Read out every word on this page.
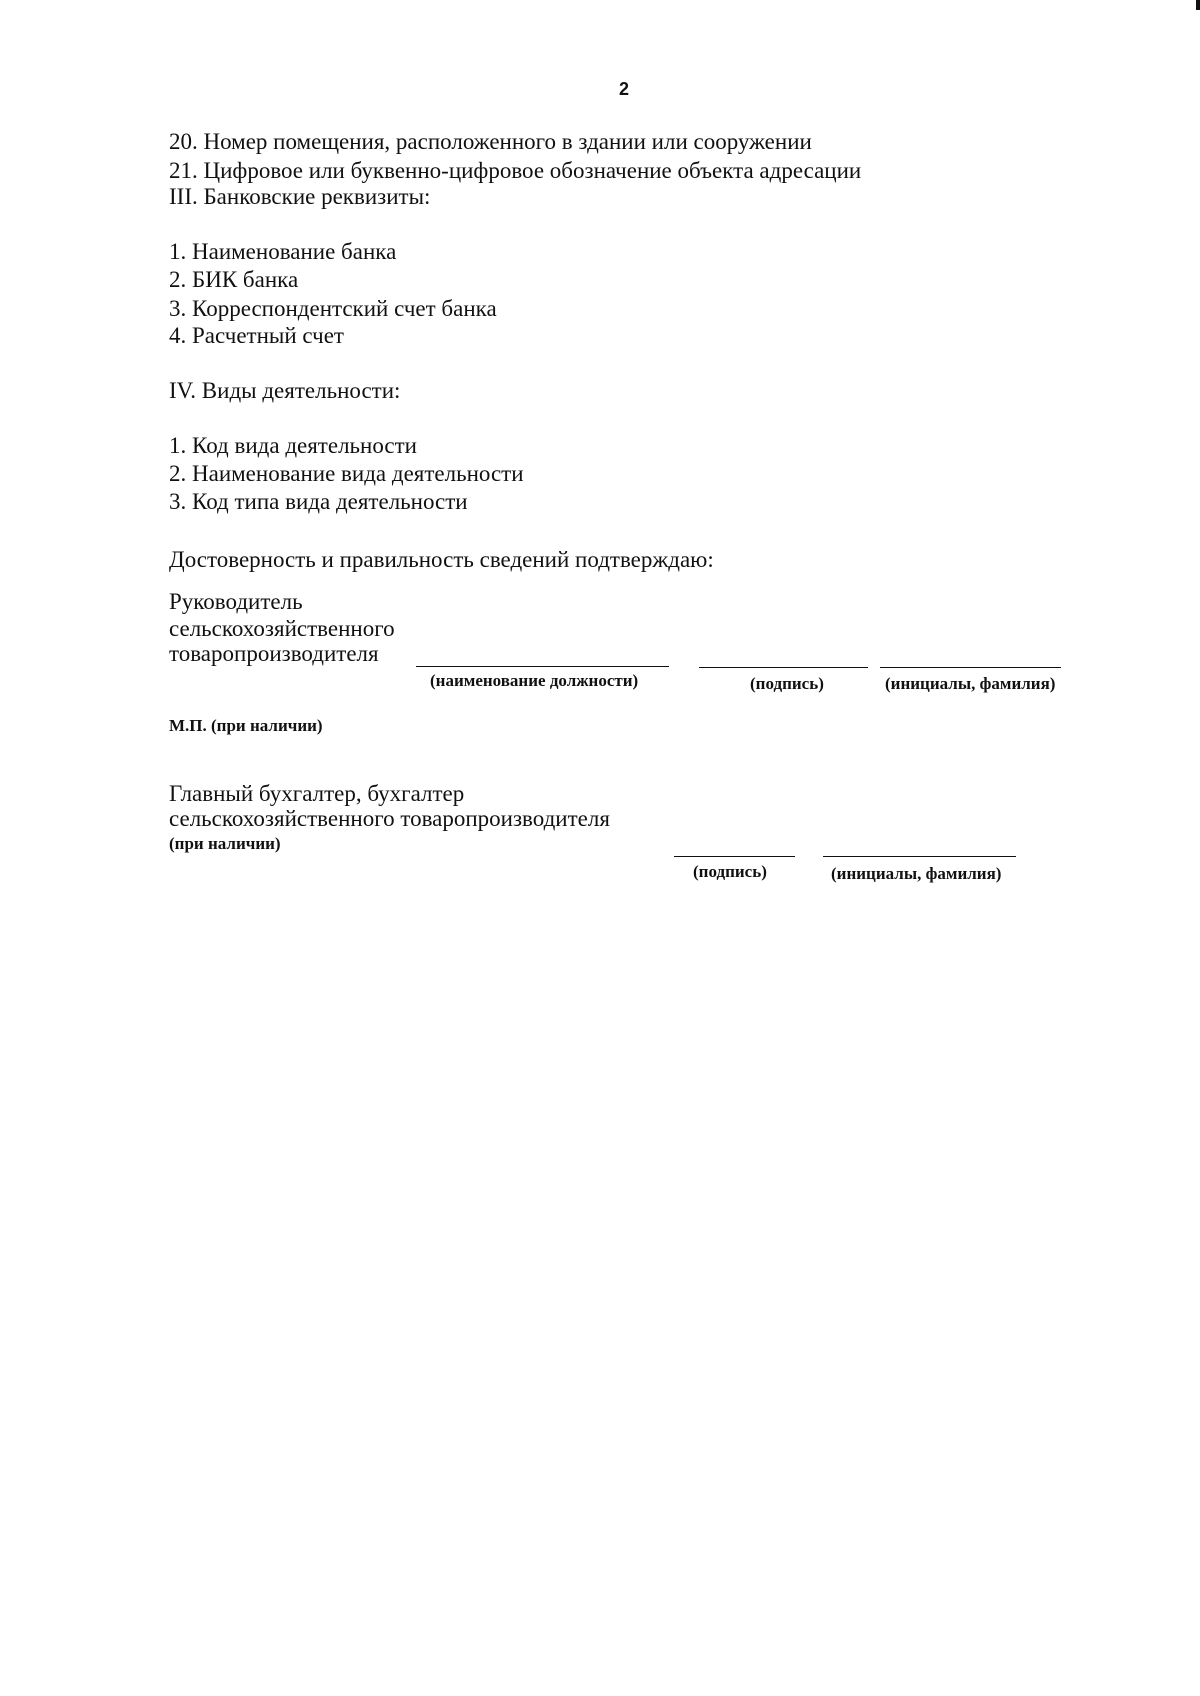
2
20. Номер помещения, расположенного в здании или сооружении
21. Цифровое или буквенно-цифровое обозначение объекта адресации
III. Банковские реквизиты:
1. Наименование банка
2. БИК банка
3. Корреспондентский счет банка
4. Расчетный счет
IV. Виды деятельности:
1. Код вида деятельности
2. Наименование вида деятельности
3. Код типа вида деятельности
Достоверность и правильность сведений подтверждаю:
Руководитель
сельскохозяйственного
товаропроизводителя
(наименование должности)	(подпись)	(инициалы, фамилия)
М.П. (при наличии)
Главный бухгалтер, бухгалтер
сельскохозяйственного товаропроизводителя
(при наличии)
(подпись)	(инициалы, фамилия)
